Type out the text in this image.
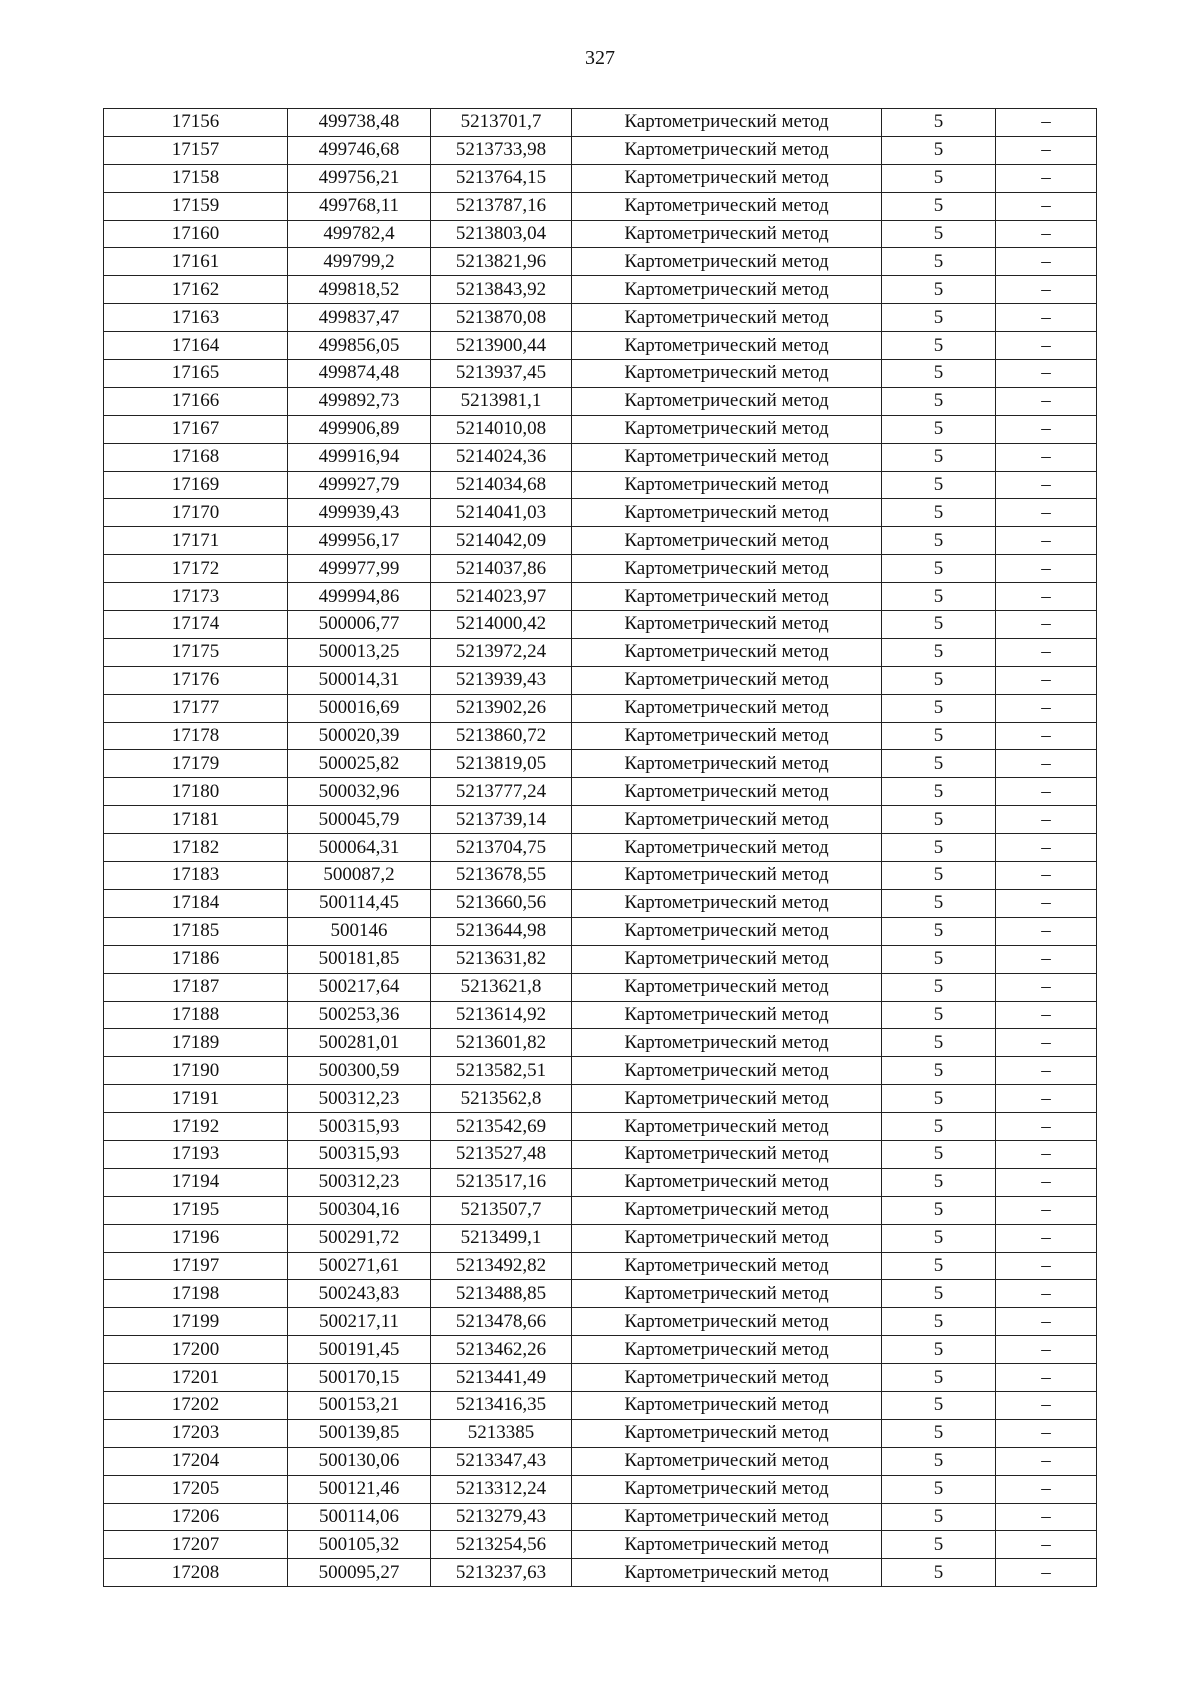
327
17156	499738,48	5213701,7	Картометрический метод	5	–
17157	499746,68	5213733,98	Картометрический метод	5	–
17158	499756,21	5213764,15	Картометрический метод	5	–
17159	499768,11	5213787,16	Картометрический метод	5	–
17160	499782,4	5213803,04	Картометрический метод	5	–
17161	499799,2	5213821,96	Картометрический метод	5	–
17162	499818,52	5213843,92	Картометрический метод	5	–
17163	499837,47	5213870,08	Картометрический метод	5	–
17164	499856,05	5213900,44	Картометрический метод	5	–
17165	499874,48	5213937,45	Картометрический метод	5	–
17166	499892,73	5213981,1	Картометрический метод	5	–
17167	499906,89	5214010,08	Картометрический метод	5	–
17168	499916,94	5214024,36	Картометрический метод	5	–
17169	499927,79	5214034,68	Картометрический метод	5	–
17170	499939,43	5214041,03	Картометрический метод	5	–
17171	499956,17	5214042,09	Картометрический метод	5	–
17172	499977,99	5214037,86	Картометрический метод	5	–
17173	499994,86	5214023,97	Картометрический метод	5	–
17174	500006,77	5214000,42	Картометрический метод	5	–
17175	500013,25	5213972,24	Картометрический метод	5	–
17176	500014,31	5213939,43	Картометрический метод	5	–
17177	500016,69	5213902,26	Картометрический метод	5	–
17178	500020,39	5213860,72	Картометрический метод	5	–
17179	500025,82	5213819,05	Картометрический метод	5	–
17180	500032,96	5213777,24	Картометрический метод	5	–
17181	500045,79	5213739,14	Картометрический метод	5	–
17182	500064,31	5213704,75	Картометрический метод	5	–
17183	500087,2	5213678,55	Картометрический метод	5	–
17184	500114,45	5213660,56	Картометрический метод	5	–
17185	500146	5213644,98	Картометрический метод	5	–
17186	500181,85	5213631,82	Картометрический метод	5	–
17187	500217,64	5213621,8	Картометрический метод	5	–
17188	500253,36	5213614,92	Картометрический метод	5	–
17189	500281,01	5213601,82	Картометрический метод	5	–
17190	500300,59	5213582,51	Картометрический метод	5	–
17191	500312,23	5213562,8	Картометрический метод	5	–
17192	500315,93	5213542,69	Картометрический метод	5	–
17193	500315,93	5213527,48	Картометрический метод	5	–
17194	500312,23	5213517,16	Картометрический метод	5	–
17195	500304,16	5213507,7	Картометрический метод	5	–
17196	500291,72	5213499,1	Картометрический метод	5	–
17197	500271,61	5213492,82	Картометрический метод	5	–
17198	500243,83	5213488,85	Картометрический метод	5	–
17199	500217,11	5213478,66	Картометрический метод	5	–
17200	500191,45	5213462,26	Картометрический метод	5	–
17201	500170,15	5213441,49	Картометрический метод	5	–
17202	500153,21	5213416,35	Картометрический метод	5	–
17203	500139,85	5213385	Картометрический метод	5	–
17204	500130,06	5213347,43	Картометрический метод	5	–
17205	500121,46	5213312,24	Картометрический метод	5	–
17206	500114,06	5213279,43	Картометрический метод	5	–
17207	500105,32	5213254,56	Картометрический метод	5	–
17208	500095,27	5213237,63	Картометрический метод	5	–
